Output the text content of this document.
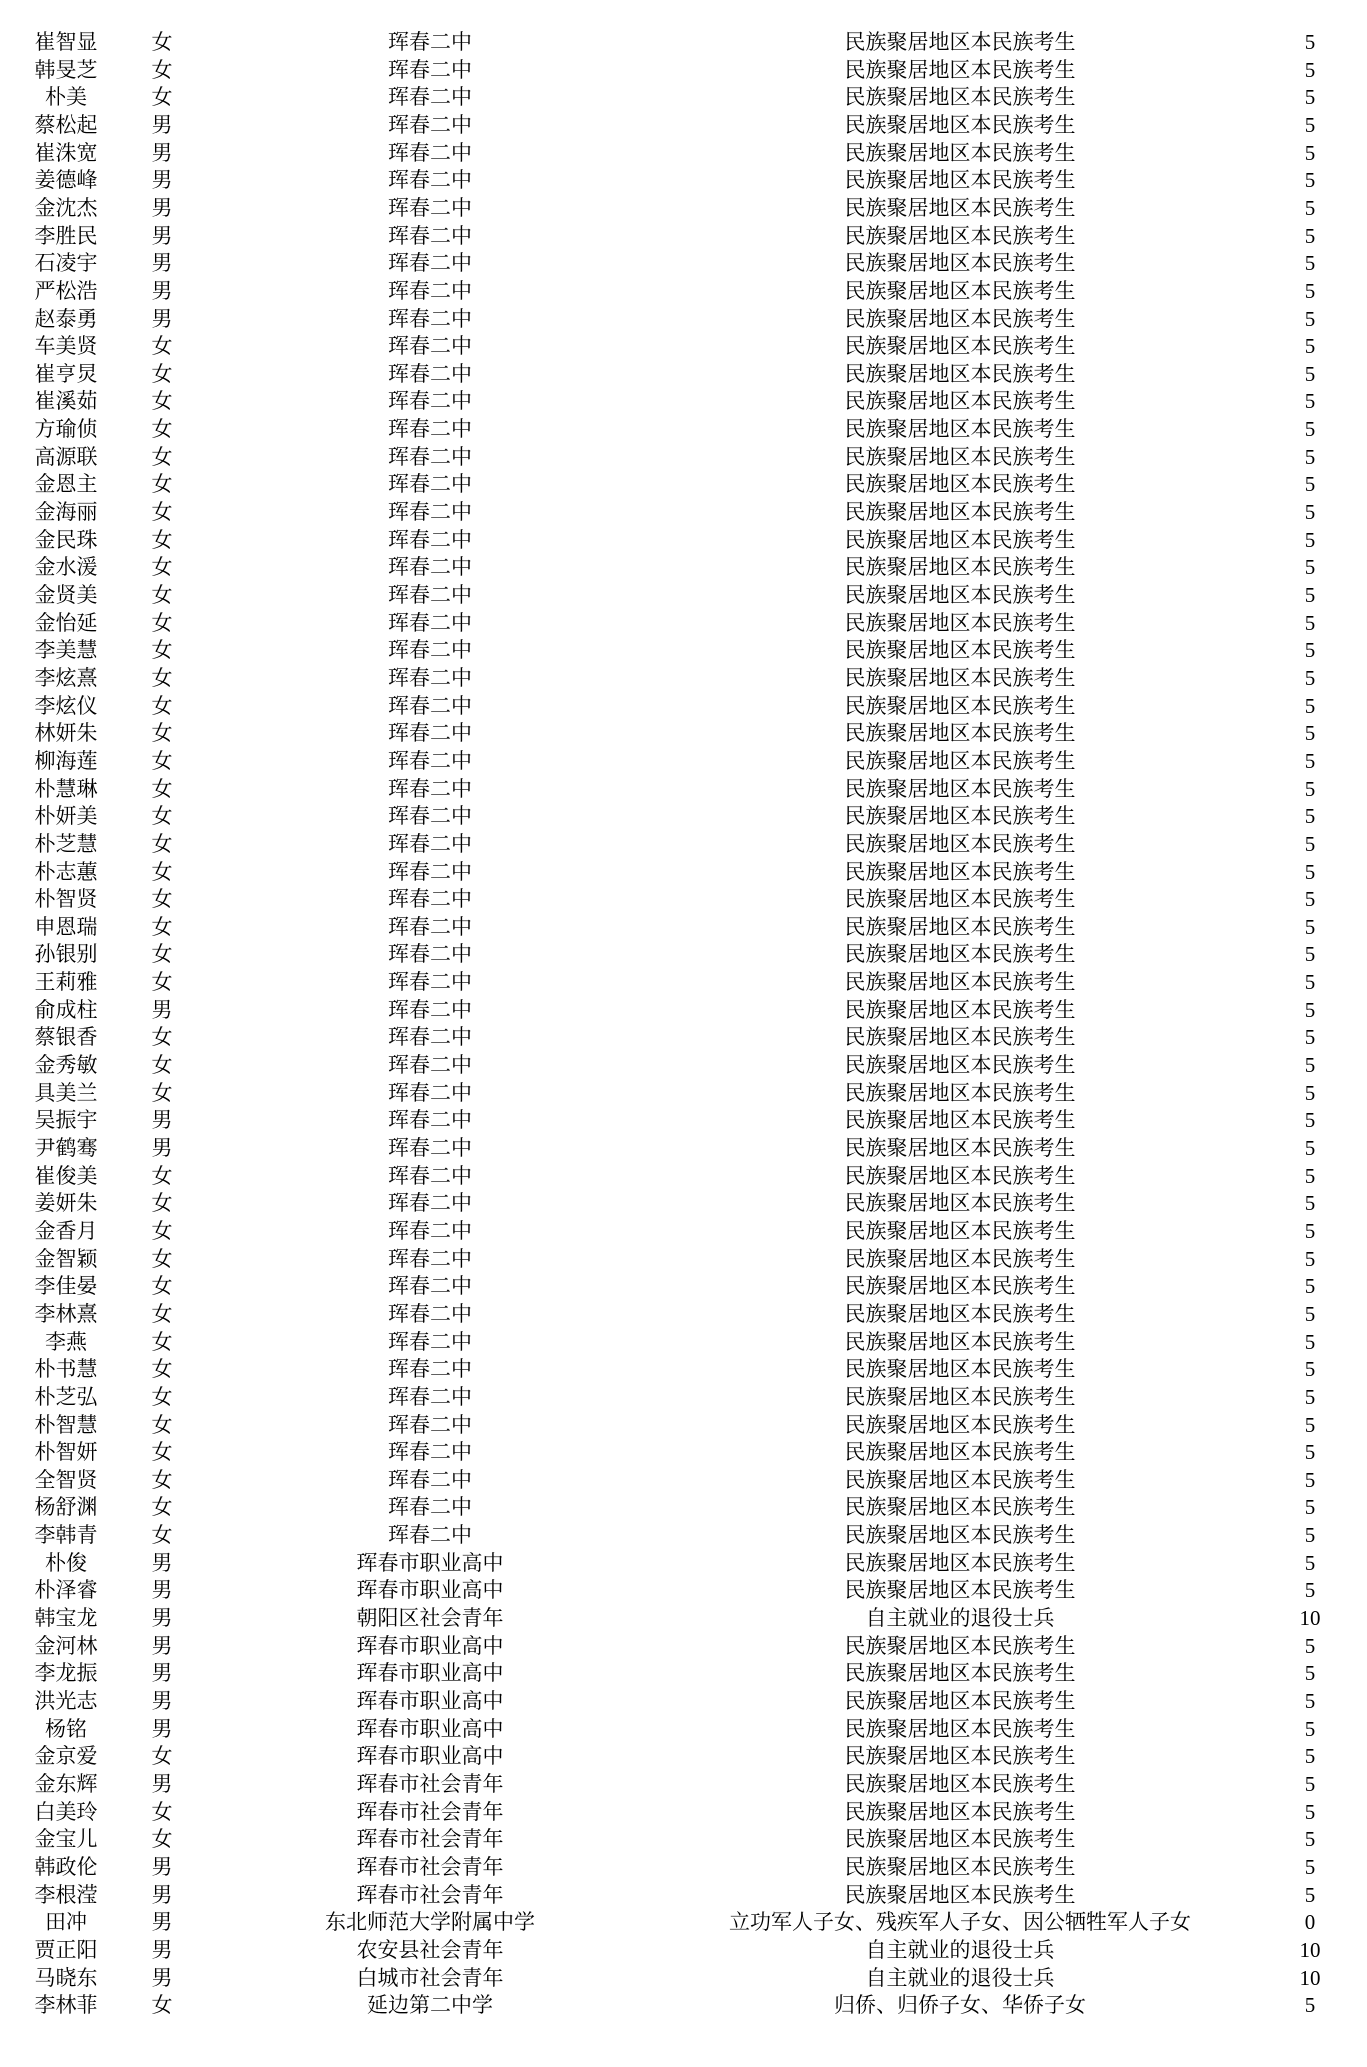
崔智显	女	珲春二中	民族聚居地区本民族考生	5
韩旻芝	女	珲春二中	民族聚居地区本民族考生	5
朴美	女	珲春二中	民族聚居地区本民族考生	5
蔡松起	男	珲春二中	民族聚居地区本民族考生	5
崔洙宽	男	珲春二中	民族聚居地区本民族考生	5
姜德峰	男	珲春二中	民族聚居地区本民族考生	5
金沈杰	男	珲春二中	民族聚居地区本民族考生	5
李胜民	男	珲春二中	民族聚居地区本民族考生	5
石凌宇	男	珲春二中	民族聚居地区本民族考生	5
严松浩	男	珲春二中	民族聚居地区本民族考生	5
赵泰勇	男	珲春二中	民族聚居地区本民族考生	5
车美贤	女	珲春二中	民族聚居地区本民族考生	5
崔亨炅	女	珲春二中	民族聚居地区本民族考生	5
崔溪茹	女	珲春二中	民族聚居地区本民族考生	5
方瑜侦	女	珲春二中	民族聚居地区本民族考生	5
高源联	女	珲春二中	民族聚居地区本民族考生	5
金恩主	女	珲春二中	民族聚居地区本民族考生	5
金海丽	女	珲春二中	民族聚居地区本民族考生	5
金民珠	女	珲春二中	民族聚居地区本民族考生	5
金水湲	女	珲春二中	民族聚居地区本民族考生	5
金贤美	女	珲春二中	民族聚居地区本民族考生	5
金怡延	女	珲春二中	民族聚居地区本民族考生	5
李美慧	女	珲春二中	民族聚居地区本民族考生	5
李炫熹	女	珲春二中	民族聚居地区本民族考生	5
李炫仪	女	珲春二中	民族聚居地区本民族考生	5
林妍朱	女	珲春二中	民族聚居地区本民族考生	5
柳海莲	女	珲春二中	民族聚居地区本民族考生	5
朴慧琳	女	珲春二中	民族聚居地区本民族考生	5
朴妍美	女	珲春二中	民族聚居地区本民族考生	5
朴芝慧	女	珲春二中	民族聚居地区本民族考生	5
朴志蕙	女	珲春二中	民族聚居地区本民族考生	5
朴智贤	女	珲春二中	民族聚居地区本民族考生	5
申恩瑞	女	珲春二中	民族聚居地区本民族考生	5
孙银别	女	珲春二中	民族聚居地区本民族考生	5
王莉雅	女	珲春二中	民族聚居地区本民族考生	5
俞成柱	男	珲春二中	民族聚居地区本民族考生	5
蔡银香	女	珲春二中	民族聚居地区本民族考生	5
金秀敏	女	珲春二中	民族聚居地区本民族考生	5
具美兰	女	珲春二中	民族聚居地区本民族考生	5
吴振宇	男	珲春二中	民族聚居地区本民族考生	5
尹鹤骞	男	珲春二中	民族聚居地区本民族考生	5
崔俊美	女	珲春二中	民族聚居地区本民族考生	5
姜妍朱	女	珲春二中	民族聚居地区本民族考生	5
金香月	女	珲春二中	民族聚居地区本民族考生	5
金智颖	女	珲春二中	民族聚居地区本民族考生	5
李佳晏	女	珲春二中	民族聚居地区本民族考生	5
李林熹	女	珲春二中	民族聚居地区本民族考生	5
李燕	女	珲春二中	民族聚居地区本民族考生	5
朴书慧	女	珲春二中	民族聚居地区本民族考生	5
朴芝弘	女	珲春二中	民族聚居地区本民族考生	5
朴智慧	女	珲春二中	民族聚居地区本民族考生	5
朴智妍	女	珲春二中	民族聚居地区本民族考生	5
全智贤	女	珲春二中	民族聚居地区本民族考生	5
杨舒渊	女	珲春二中	民族聚居地区本民族考生	5
李韩青	女	珲春二中	民族聚居地区本民族考生	5
朴俊	男	珲春市职业高中	民族聚居地区本民族考生	5
朴泽睿	男	珲春市职业高中	民族聚居地区本民族考生	5
韩宝龙	男	朝阳区社会青年	自主就业的退役士兵	10
金河林	男	珲春市职业高中	民族聚居地区本民族考生	5
李龙振	男	珲春市职业高中	民族聚居地区本民族考生	5
洪光志	男	珲春市职业高中	民族聚居地区本民族考生	5
杨铭	男	珲春市职业高中	民族聚居地区本民族考生	5
金京爱	女	珲春市职业高中	民族聚居地区本民族考生	5
金东辉	男	珲春市社会青年	民族聚居地区本民族考生	5
白美玲	女	珲春市社会青年	民族聚居地区本民族考生	5
金宝儿	女	珲春市社会青年	民族聚居地区本民族考生	5
韩政伦	男	珲春市社会青年	民族聚居地区本民族考生	5
李根滢	男	珲春市社会青年	民族聚居地区本民族考生	5
田冲	男	东北师范大学附属中学	立功军人子女、残疾军人子女、因公牺牲军人子女	0
贾正阳	男	农安县社会青年	自主就业的退役士兵	10
马晓东	男	白城市社会青年	自主就业的退役士兵	10
李林菲	女	延边第二中学	归侨、归侨子女、华侨子女	5
